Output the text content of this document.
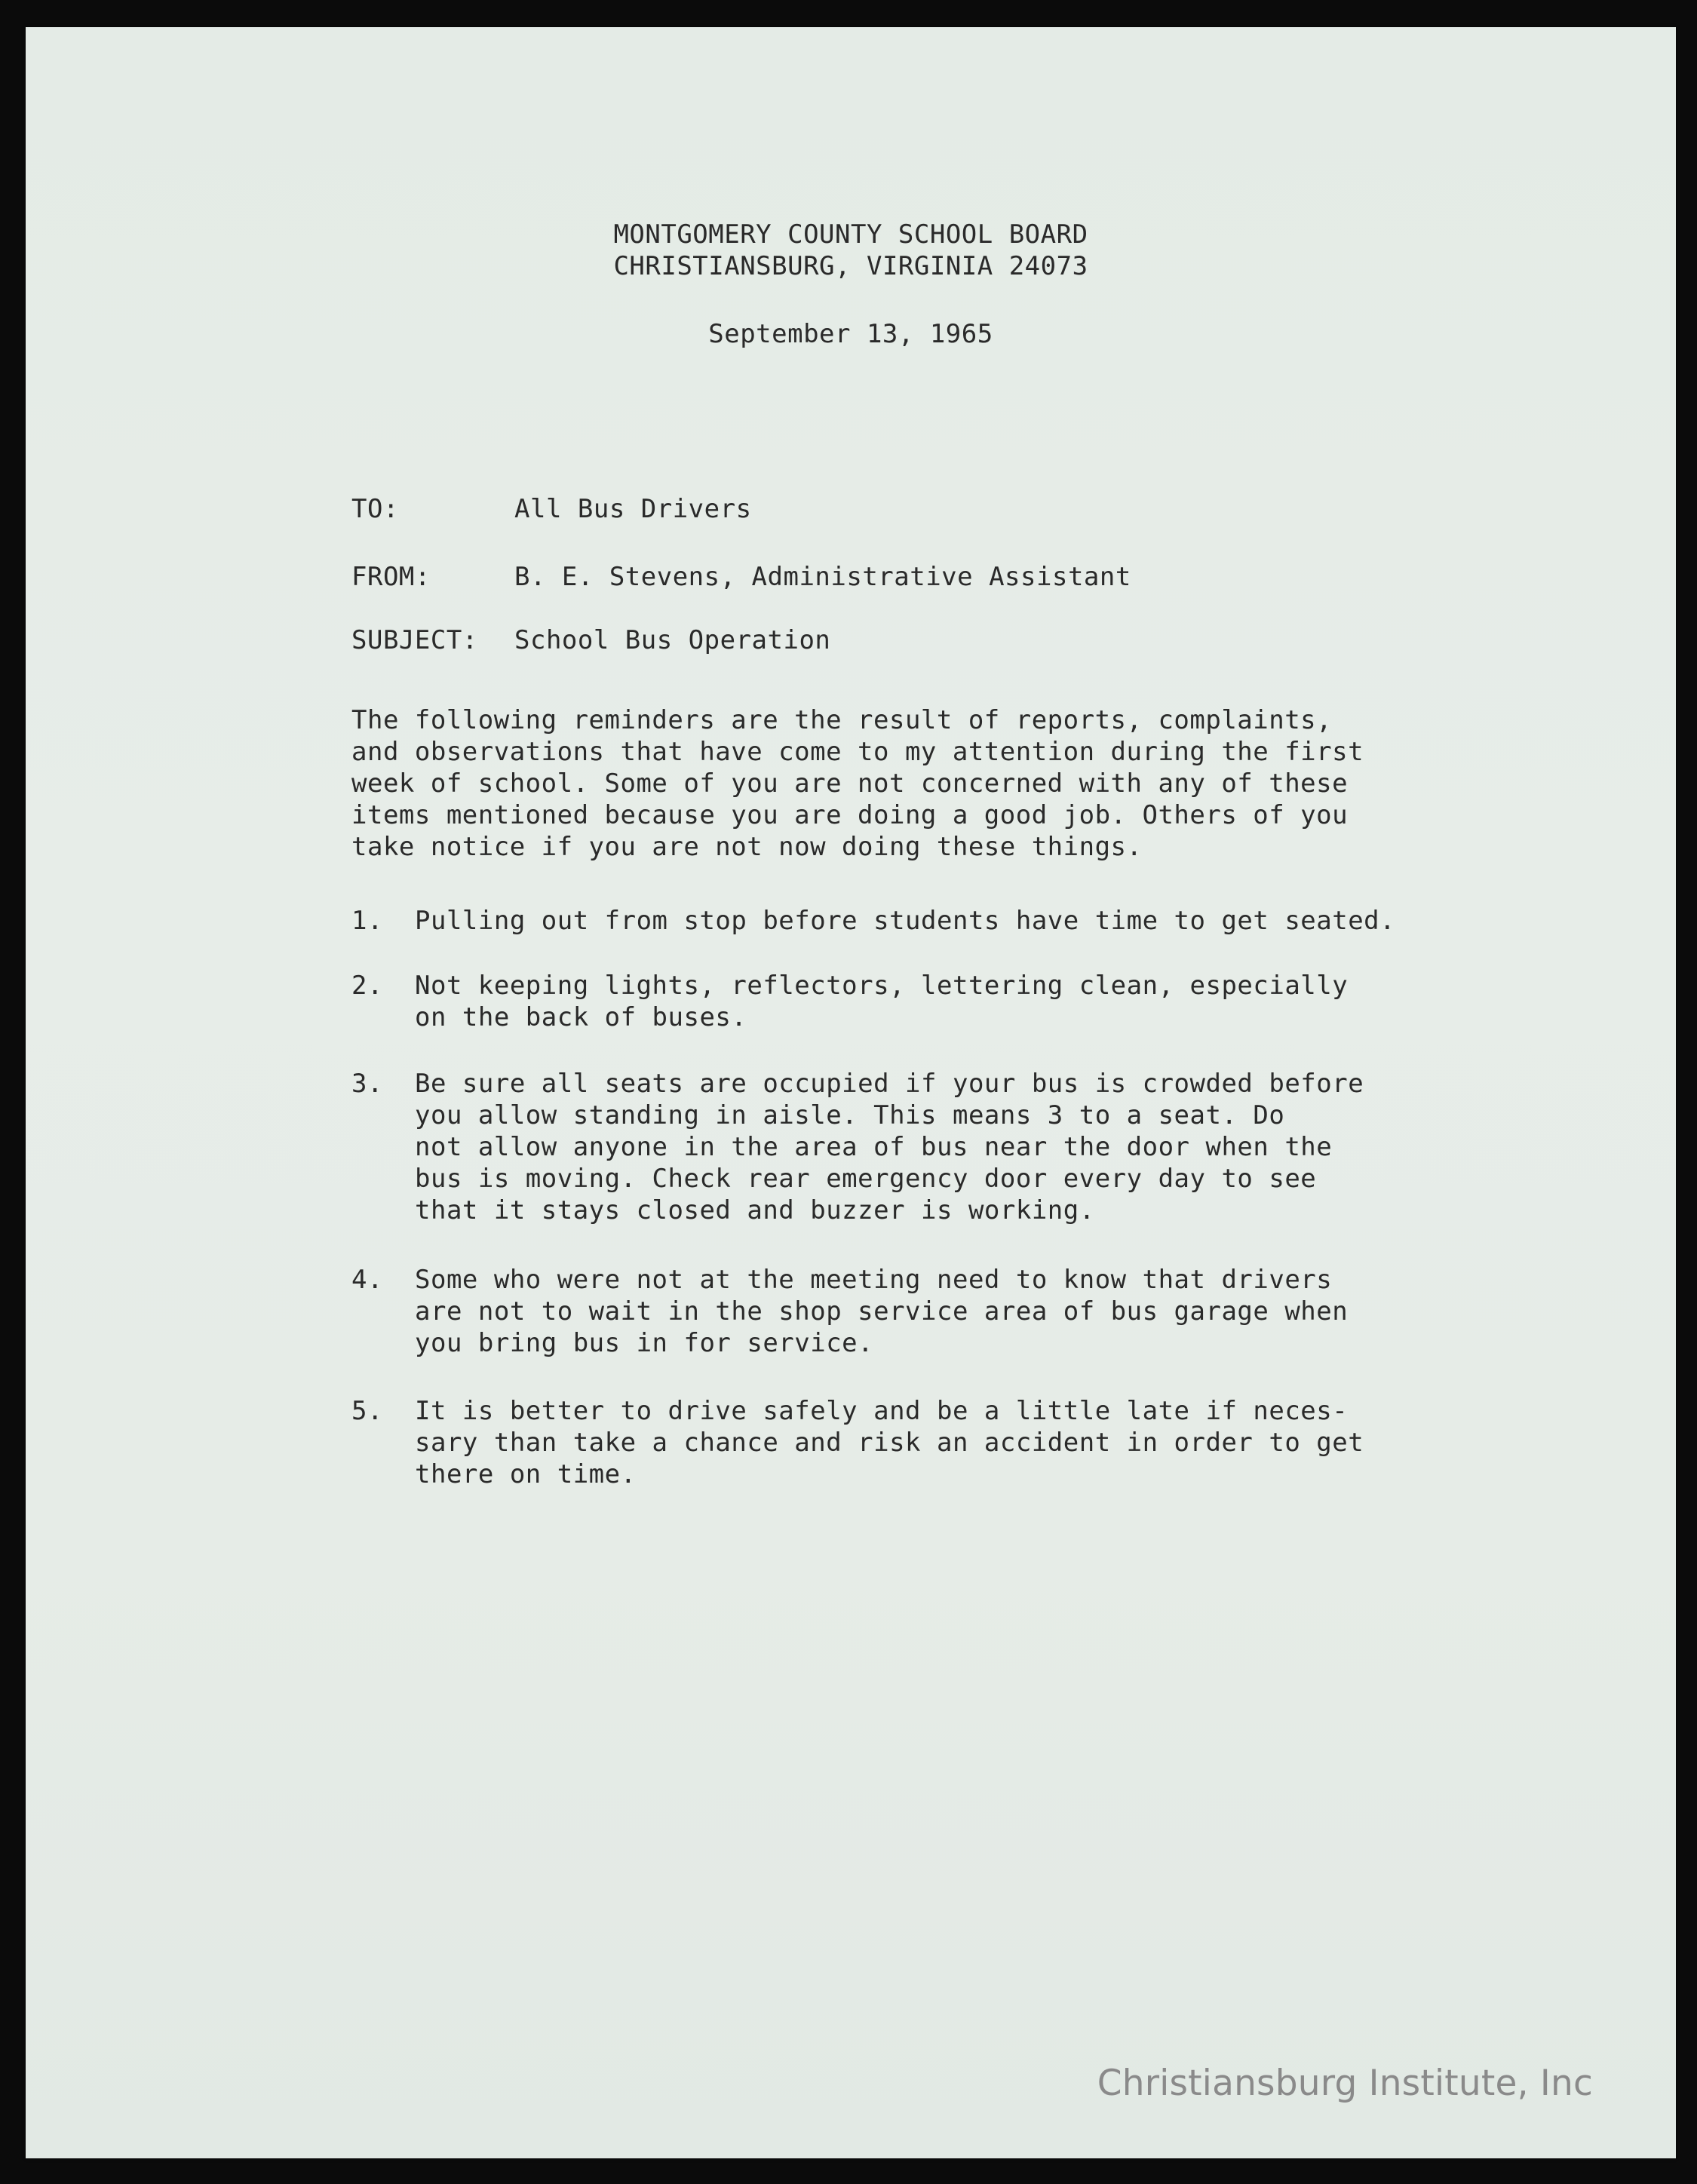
MONTGOMERY COUNTY SCHOOL BOARD
CHRISTIANSBURG, VIRGINIA 24073
September 13, 1965
TO:	All Bus Drivers
FROM:	B. E. Stevens, Administrative Assistant
SUBJECT:	School Bus Operation
The following reminders are the result of reports, complaints,
and observations that have come to my attention during the first
week of school. Some of you are not concerned with any of these
items mentioned because you are doing a good job. Others of you
take notice if you are not now doing these things.
1.	Pulling out from stop before students have time to get seated.
2.	Not keeping lights, reflectors, lettering clean, especially
on the back of buses.
3.	Be sure all seats are occupied if your bus is crowded before
you allow standing in aisle. This means 3 to a seat. Do
not allow anyone in the area of bus near the door when the
bus is moving. Check rear emergency door every day to see
that it stays closed and buzzer is working.
4.	Some who were not at the meeting need to know that drivers
are not to wait in the shop service area of bus garage when
you bring bus in for service.
5.	It is better to drive safely and be a little late if neces-
sary than take a chance and risk an accident in order to get
there on time.
Christiansburg Institute, Inc
